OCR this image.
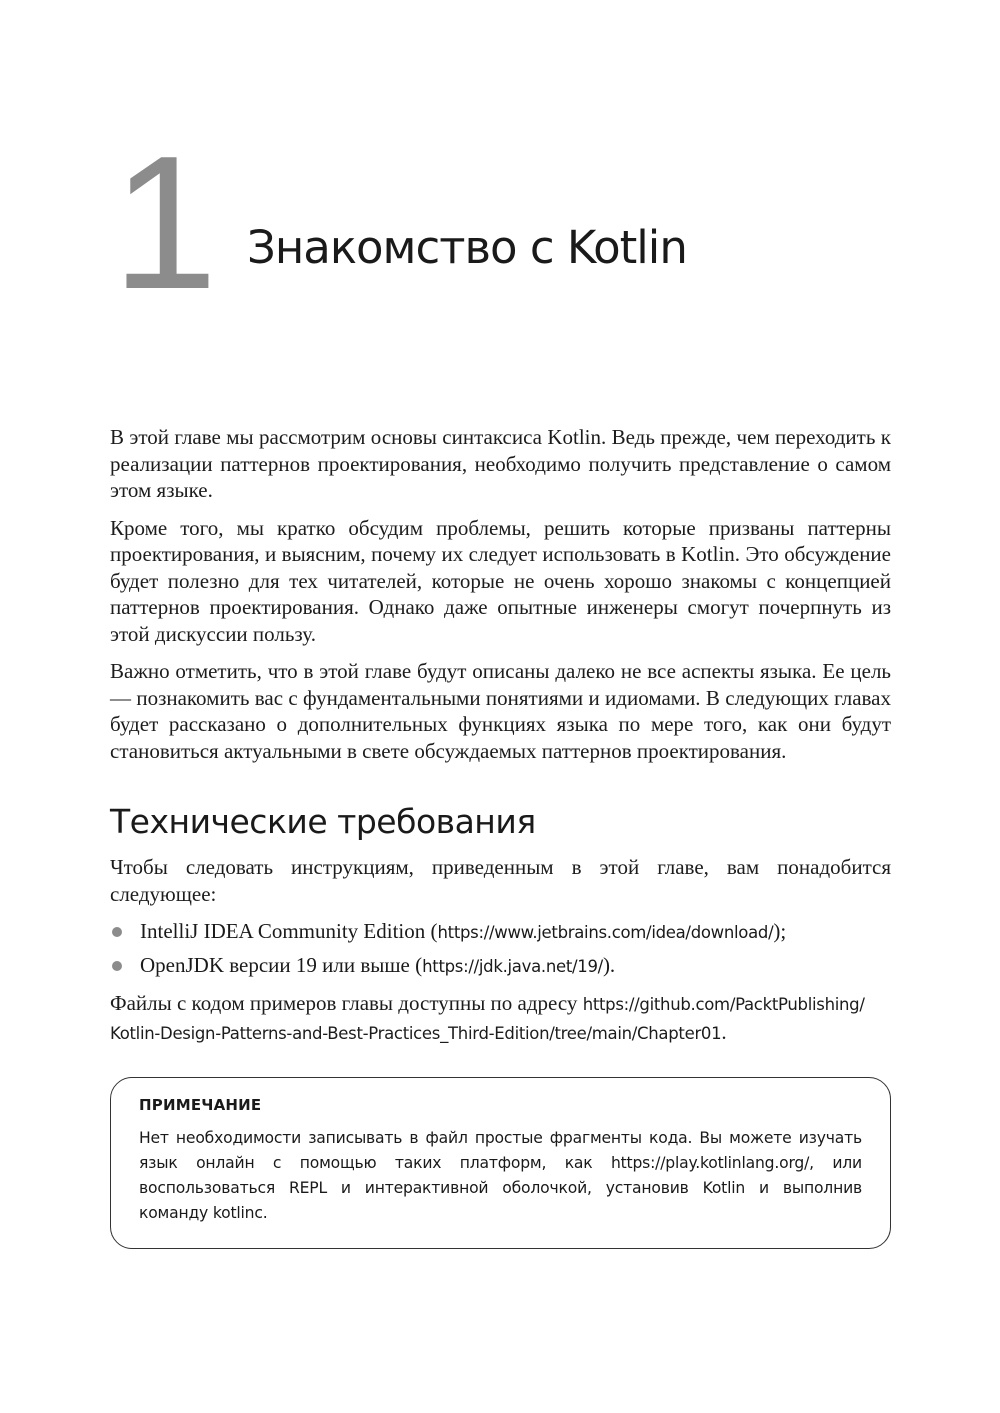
1 Знакомство с Kotlin

В этой главе мы рассмотрим основы синтаксиса Kotlin. Ведь прежде, чем переходить к реализации паттернов проектирования, необходимо получить представление о самом этом языке.

Кроме того, мы кратко обсудим проблемы, решить которые призваны паттерны проектирования, и выясним, почему их следует использовать в Kotlin. Это обсуждение будет полезно для тех читателей, которые не очень хорошо знакомы с концепцией паттернов проектирования. Однако даже опытные инженеры смогут почерпнуть из этой дискуссии пользу.

Важно отметить, что в этой главе будут описаны далеко не все аспекты языка. Ее цель — познакомить вас с фундаментальными понятиями и идиомами. В следующих главах будет рассказано о дополнительных функциях языка по мере того, как они будут становиться актуальными в свете обсуждаемых паттернов проектирования.

Технические требования

Чтобы следовать инструкциям, приведенным в этой главе, вам понадобится следующее:

IntelliJ IDEA Community Edition (https://www.jetbrains.com/idea/download/);
OpenJDK версии 19 или выше (https://jdk.java.net/19/).

Файлы с кодом примеров главы доступны по адресу https://github.com/PacktPublishing/
Kotlin-Design-Patterns-and-Best-Practices_Third-Edition/tree/main/Chapter01.

ПРИМЕЧАНИЕ

Нет необходимости записывать в файл простые фрагменты кода. Вы можете изучать язык онлайн с помощью таких платформ, как https://play.kotlinlang.org/, или воспользоваться REPL и интерактивной оболочкой, установив Kotlin и выполнив команду kotlinc.
